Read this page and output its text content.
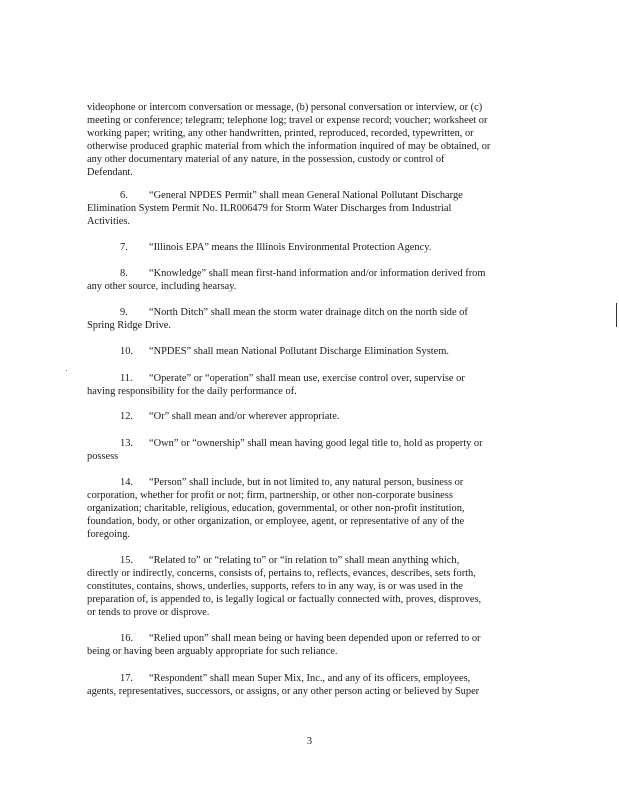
videophone or intercom conversation or message, (b) personal conversation or interview, or (c)
meeting or conference; telegram; telephone log; travel or expense record; voucher; worksheet or
working paper; writing, any other handwritten, printed, reproduced, recorded, typewritten, or
otherwise produced graphic material from which the information inquired of may be obtained, or
any other documentary material of any nature, in the possession, custody or control of
Defendant.
6. “General NPDES Permit” shall mean General National Pollutant Discharge
Elimination System Permit No. ILR006479 for Storm Water Discharges from Industrial
Activities.
7. “Illinois EPA” means the Illinois Environmental Protection Agency.
8. “Knowledge” shall mean first-hand information and/or information derived from
any other source, including hearsay.
9. “North Ditch” shall mean the storm water drainage ditch on the north side of
Spring Ridge Drive.
10. “NPDES” shall mean National Pollutant Discharge Elimination System.
11. “Operate” or “operation” shall mean use, exercise control over, supervise or
having responsibility for the daily performance of.
12. “Or” shall mean and/or wherever appropriate.
13. “Own” or “ownership” shall mean having good legal title to, hold as property or
possess
14. “Person” shall include, but in not limited to, any natural person, business or
corporation, whether for profit or not; firm, partnership, or other non-corporate business
organization; charitable, religious, education, governmental, or other non-profit institution,
foundation, body, or other organization, or employee, agent, or representative of any of the
foregoing.
15. “Related to” or “relating to” or “in relation to” shall mean anything which,
directly or indirectly, concerns, consists of, pertains to, reflects, evances, describes, sets forth,
constitutes, contains, shows, underlies, supports, refers to in any way, is or was used in the
preparation of, is appended to, is legally logical or factually connected with, proves, disproves,
or tends to prove or disprove.
16. “Relied upon” shall mean being or having been depended upon or referred to or
being or having been arguably appropriate for such reliance.
17. “Respondent” shall mean Super Mix, Inc., and any of its officers, employees,
agents, representatives, successors, or assigns, or any other person acting or believed by Super
3
